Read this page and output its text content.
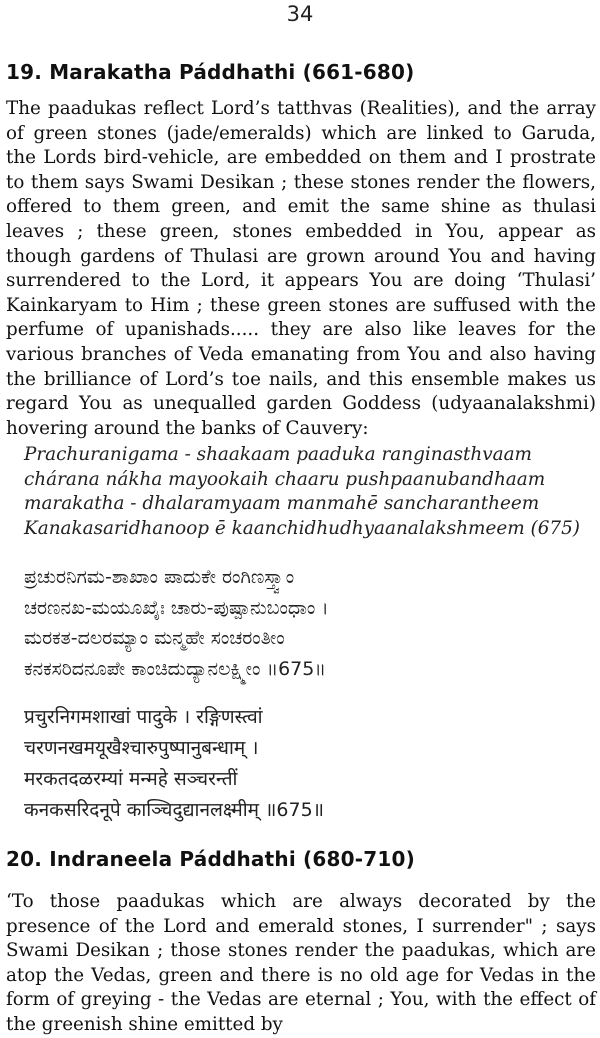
34
19. Marakatha Páddhathi (661-680)
The paadukas reflect Lord’s tatthvas (Realities), and the array of green stones (jade/emeralds) which are linked to Garuda, the Lords bird-vehicle, are embedded on them and I prostrate to them says Swami Desikan ; these stones render the flowers, offered to them green, and emit the same shine as thulasi leaves ; these green, stones embedded in You, appear as though gardens of Thulasi are grown around You and having surrendered to the Lord, it appears You are doing ‘Thulasi’ Kainkaryam to Him ; these green stones are suffused with the perfume of upanishads..... they are also like leaves for the various branches of Veda emanating from You and also having the brilliance of Lord’s toe nails, and this ensemble makes us regard You as unequalled garden Goddess (udyaanalakshmi) hovering around the banks of Cauvery:
Prachuranigama - shaakaam paaduka ranginasthvaam
chárana nákha mayookaih chaaru pushpaanubandhaam
marakatha - dhalaramyaam manmahē sancharantheem
Kanakasaridhanoop ē kaanchidhudhyaanalakshmeem (675)
ಪ್ರಚುರನಿಗಮ-ಶಾಖಾಂ ಪಾದುಕೇ ರಂಗಿಣಸ್ತ್ವಾಂ
ಚರಣನಖ-ಮಯೂಖೈಃ ಚಾರು-ಪುಷ್ಪಾನುಬಂಧಾಂ ।
ಮರಕತ-ದಲರಮ್ಯಾಂ ಮನ್ಮಹೇ ಸಂಚರಂತೀಂ
ಕನಕಸರಿದನೂಪೇ ಕಾಂಚಿದುದ್ಯಾನಲಕ್ಷ್ಮೀಂ ॥675॥
प्रचुरनिगमशाखां पादुके । रङ्गिणस्त्वां
चरणनखमयूखैश्चारुपुष्पानुबन्धाम् ।
मरकतदळरम्यां मन्महे सञ्चरन्तीं
कनकसरिदनूपे काञ्चिदुद्यानलक्ष्मीम् ॥675॥
20. Indraneela Páddhathi (680-710)
‘To those paadukas which are always decorated by the presence of the Lord and emerald stones, I surrender" ; says Swami Desikan ; those stones render the paadukas, which are atop the Vedas, green and there is no old age for Vedas in the form of greying - the Vedas are eternal ; You, with the effect of the greenish shine emitted by
